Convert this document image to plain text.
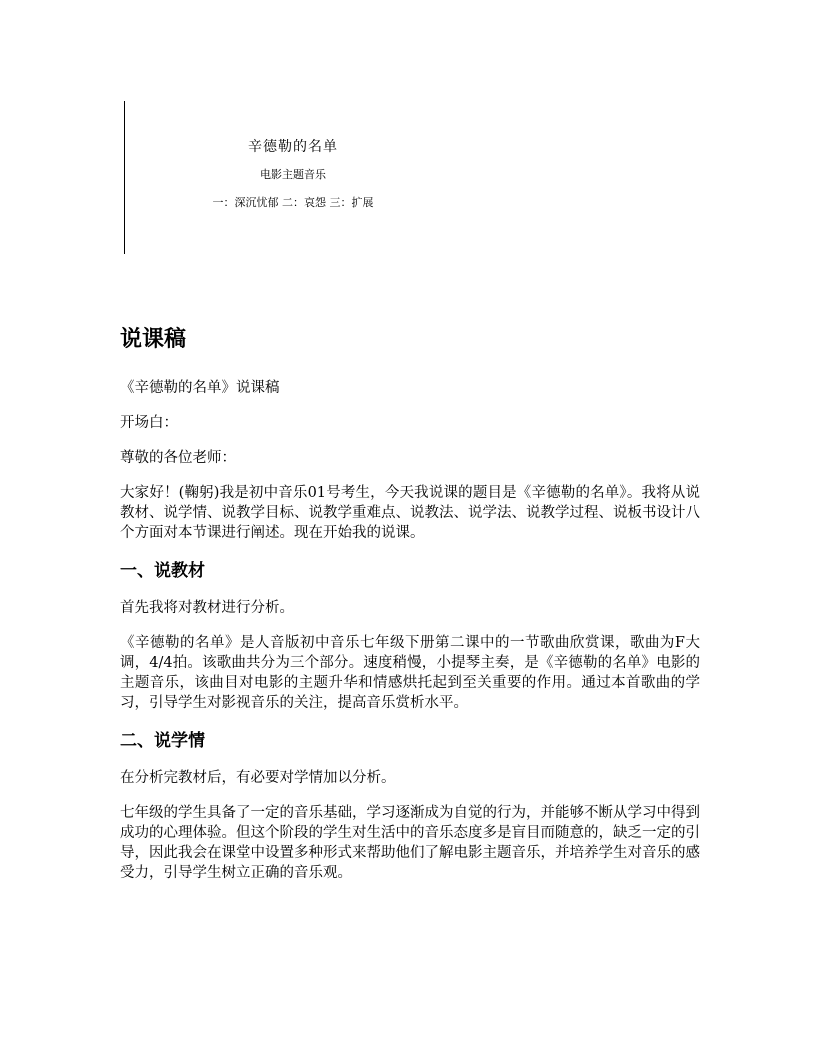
辛德勒的名单
电影主题音乐
一：深沉忧郁 二：哀怨 三：扩展
说课稿

《辛德勒的名单》说课稿

开场白：

尊敬的各位老师：

大家好！(鞠躬)我是初中音乐01号考生，今天我说课的题目是《辛德勒的名单》。我将从说教材、说学情、说教学目标、说教学重难点、说教法、说学法、说教学过程、说板书设计八个方面对本节课进行阐述。现在开始我的说课。

一、说教材

首先我将对教材进行分析。

《辛德勒的名单》是人音版初中音乐七年级下册第二课中的一节歌曲欣赏课，歌曲为F大调，4/4拍。该歌曲共分为三个部分。速度稍慢，小提琴主奏，是《辛德勒的名单》电影的主题音乐，该曲目对电影的主题升华和情感烘托起到至关重要的作用。通过本首歌曲的学习，引导学生对影视音乐的关注，提高音乐赏析水平。

二、说学情

在分析完教材后，有必要对学情加以分析。

七年级的学生具备了一定的音乐基础，学习逐渐成为自觉的行为，并能够不断从学习中得到成功的心理体验。但这个阶段的学生对生活中的音乐态度多是盲目而随意的，缺乏一定的引导，因此我会在课堂中设置多种形式来帮助他们了解电影主题音乐，并培养学生对音乐的感受力，引导学生树立正确的音乐观。
